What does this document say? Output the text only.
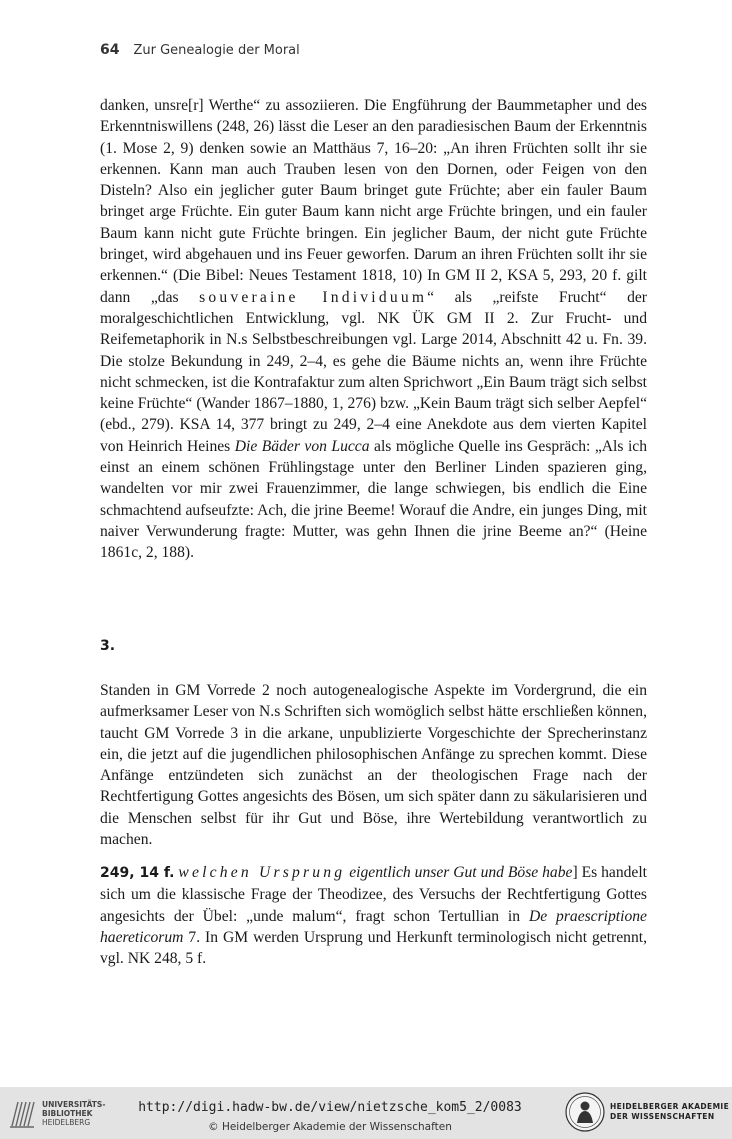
64 Zur Genealogie der Moral

danken, unsre[r] Werthe“ zu assoziieren. Die Engführung der Baummetapher und des Erkenntniswillens (248, 26) lässt die Leser an den paradiesischen Baum der Erkenntnis (1. Mose 2, 9) denken sowie an Matthäus 7, 16–20: „An ihren Früchten sollt ihr sie erkennen. Kann man auch Trauben lesen von den Dornen, oder Feigen von den Disteln? Also ein jeglicher guter Baum bringet gute Früchte; aber ein fauler Baum bringet arge Früchte. Ein guter Baum kann nicht arge Früchte bringen, und ein fauler Baum kann nicht gute Früchte bringen. Ein jeglicher Baum, der nicht gute Früchte bringet, wird abgehauen und ins Feuer geworfen. Darum an ihren Früchten sollt ihr sie erkennen.“ (Die Bibel: Neues Testament 1818, 10) In GM II 2, KSA 5, 293, 20 f. gilt dann „das souveraine Individuum“ als „reifste Frucht“ der moralgeschichtlichen Entwicklung, vgl. NK ÜK GM II 2. Zur Frucht- und Reifemetaphorik in N.s Selbstbeschreibungen vgl. Large 2014, Abschnitt 42 u. Fn. 39. Die stolze Bekundung in 249, 2–4, es gehe die Bäume nichts an, wenn ihre Früchte nicht schmecken, ist die Kontrafaktur zum alten Sprichwort „Ein Baum trägt sich selbst keine Früchte“ (Wander 1867–1880, 1, 276) bzw. „Kein Baum trägt sich selber Aepfel“ (ebd., 279). KSA 14, 377 bringt zu 249, 2–4 eine Anekdote aus dem vierten Kapitel von Heinrich Heines Die Bäder von Lucca als mögliche Quelle ins Gespräch: „Als ich einst an einem schönen Frühlingstage unter den Berliner Linden spazieren ging, wandelten vor mir zwei Frauenzimmer, die lange schwiegen, bis endlich die Eine schmachtend aufseufzte: Ach, die jrine Beeme! Worauf die Andre, ein junges Ding, mit naiver Verwunderung fragte: Mutter, was gehn Ihnen die jrine Beeme an?“ (Heine 1861c, 2, 188).

3.

Standen in GM Vorrede 2 noch autogenealogische Aspekte im Vordergrund, die ein aufmerksamer Leser von N.s Schriften sich womöglich selbst hätte erschließen können, taucht GM Vorrede 3 in die arkane, unpublizierte Vorgeschichte der Sprecherinstanz ein, die jetzt auf die jugendlichen philosophischen Anfänge zu sprechen kommt. Diese Anfänge entzündeten sich zunächst an der theologischen Frage nach der Rechtfertigung Gottes angesichts des Bösen, um sich später dann zu säkularisieren und die Menschen selbst für ihr Gut und Böse, ihre Wertebildung verantwortlich zu machen.

249, 14 f. welchen Ursprung eigentlich unser Gut und Böse habe] Es handelt sich um die klassische Frage der Theodizee, des Versuchs der Rechtfertigung Gottes angesichts der Übel: „unde malum“, fragt schon Tertullian in De praescriptione haereticorum 7. In GM werden Ursprung und Herkunft terminologisch nicht getrennt, vgl. NK 248, 5 f.

UNIVERSITÄTS-
BIBLIOTHEK
HEIDELBERG
http://digi.hadw-bw.de/view/nietzsche_kom5_2/0083
© Heidelberger Akademie der Wissenschaften
HEIDELBERGER AKADEMIE
DER WISSENSCHAFTEN
